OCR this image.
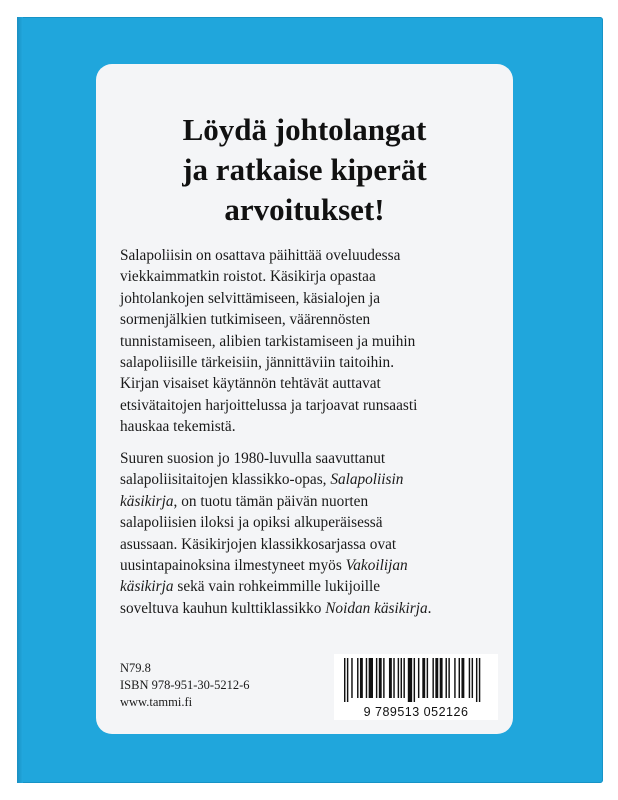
Löydä johtolangat
ja ratkaise kiperät
arvoitukset!

Salapoliisin on osattava päihittää oveluudessa
viekkaimmatkin roistot. Käsikirja opastaa
johtolankojen selvittämiseen, käsialojen ja
sormenjälkien tutkimiseen, väärennösten
tunnistamiseen, alibien tarkistamiseen ja muihin
salapoliisille tärkeisiin, jännittäviin taitoihin.
Kirjan visaiset käytännön tehtävät auttavat
etsivätaitojen harjoittelussa ja tarjoavat runsaasti
hauskaa tekemistä.

Suuren suosion jo 1980-luvulla saavuttanut
salapoliisitaitojen klassikko-opas, Salapoliisin
käsikirja, on tuotu tämän päivän nuorten
salapoliisien iloksi ja opiksi alkuperäisessä
asussaan. Käsikirjojen klassikkosarjassa ovat
uusintapainoksina ilmestyneet myös Vakoilijan
käsikirja sekä vain rohkeimmille lukijoille
soveltuva kauhun kulttiklassikko Noidan käsikirja.

N79.8
ISBN 978-951-30-5212-6
www.tammi.fi
9 789513 052126
